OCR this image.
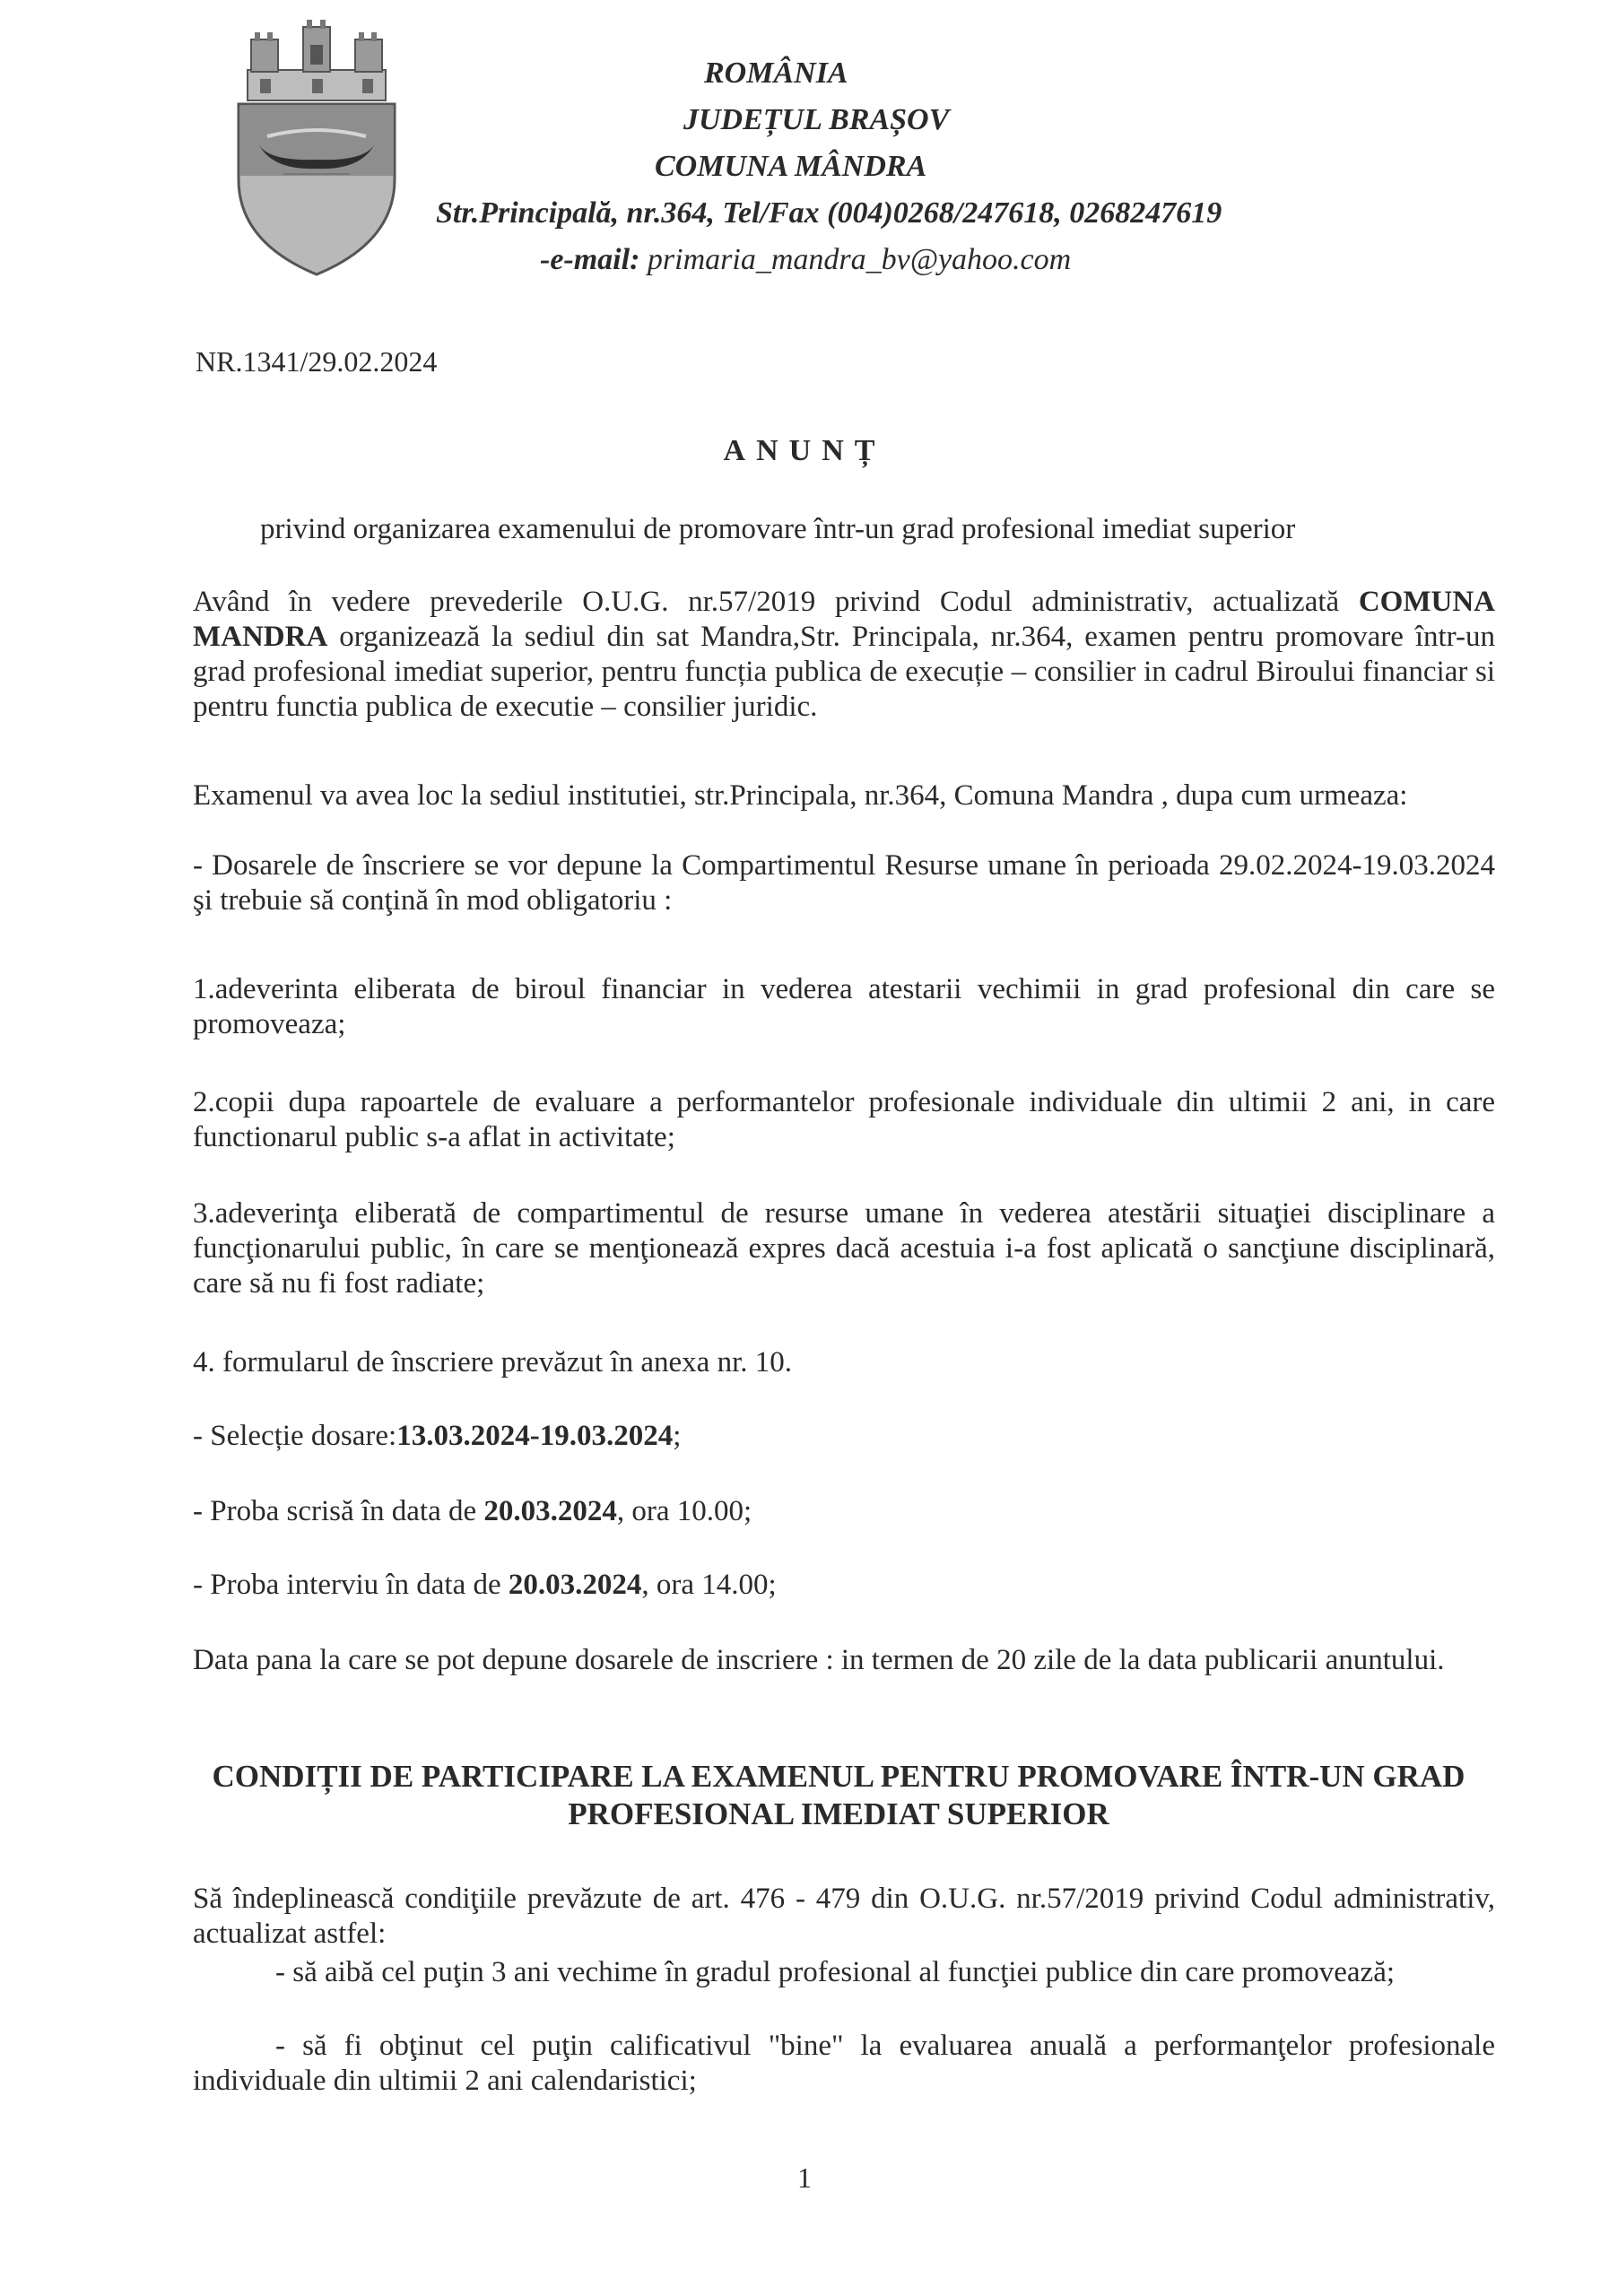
ROMÂNIA
JUDEȚUL BRAȘOV
COMUNA MÂNDRA
Str.Principală, nr.364, Tel/Fax (004)0268/247618, 0268247619
-e-mail: primaria_mandra_bv@yahoo.com
NR.1341/29.02.2024
ANUNȚ
privind organizarea examenului de promovare într-un grad profesional imediat superior
Având în vedere prevederile O.U.G. nr.57/2019 privind Codul administrativ, actualizată COMUNA MANDRA organizează la sediul din sat Mandra,Str. Principala, nr.364, examen pentru promovare într-un grad profesional imediat superior, pentru funcția publica de execuție – consilier in cadrul Biroului financiar si pentru functia publica de executie – consilier juridic.
Examenul va avea loc la sediul institutiei, str.Principala, nr.364, Comuna Mandra , dupa cum urmeaza:
- Dosarele de înscriere se vor depune la Compartimentul Resurse umane în perioada 29.02.2024-19.03.2024 şi trebuie să conţină în mod obligatoriu :
1.adeverinta eliberata de biroul financiar in vederea atestarii vechimii in grad profesional din care se promoveaza;
2.copii dupa rapoartele de evaluare a performantelor profesionale individuale din ultimii 2 ani, in care functionarul public s-a aflat in activitate;
3.adeverinţa eliberată de compartimentul de resurse umane în vederea atestării situaţiei disciplinare a funcţionarului public, în care se menţionează expres dacă acestuia i-a fost aplicată o sancţiune disciplinară, care să nu fi fost radiate;
4. formularul de înscriere prevăzut în anexa nr. 10.
- Selecție dosare:13.03.2024-19.03.2024;
- Proba scrisă în data de 20.03.2024, ora 10.00;
- Proba interviu în data de 20.03.2024, ora 14.00;
Data pana la care se pot depune dosarele de inscriere : in termen de 20 zile de la data publicarii anuntului.
CONDIȚII DE PARTICIPARE LA EXAMENUL PENTRU PROMOVARE ÎNTR-UN GRAD PROFESIONAL IMEDIAT SUPERIOR
Să îndeplinească condiţiile prevăzute de art. 476 - 479 din O.U.G. nr.57/2019 privind Codul administrativ, actualizat astfel:
- să aibă cel puţin 3 ani vechime în gradul profesional al funcţiei publice din care promovează;
- să fi obţinut cel puţin calificativul "bine" la evaluarea anuală a performanţelor profesionale individuale din ultimii 2 ani calendaristici;
1
